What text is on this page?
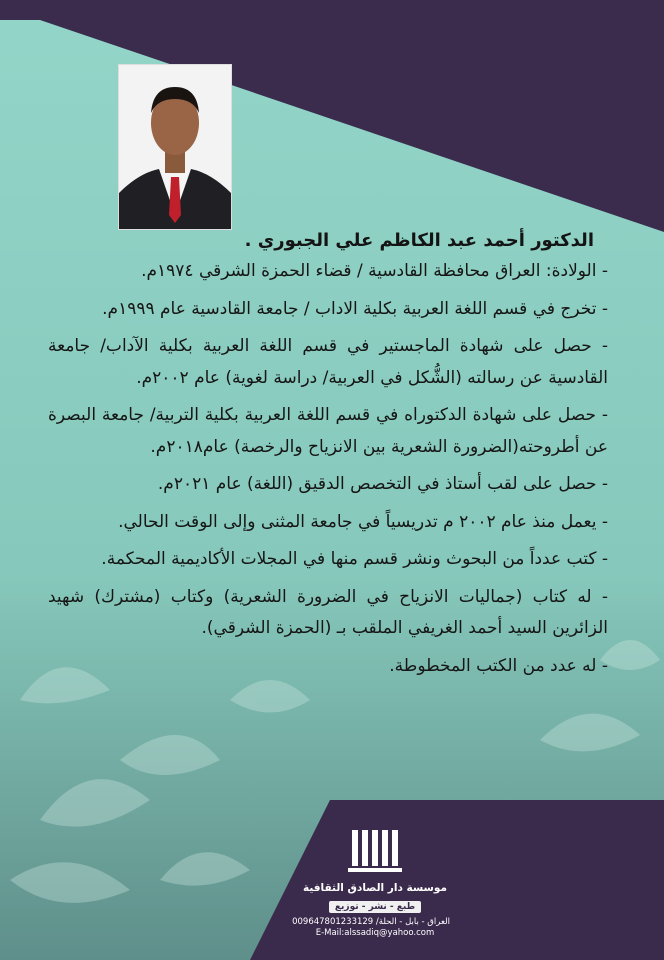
الدكتور أحمد عبد الكاظم علي الجبوري .
- الولادة: العراق محافظة القادسية / قضاء الحمزة الشرقي ١٩٧٤م.
- تخرج في قسم اللغة العربية بكلية الاداب / جامعة القادسية عام ١٩٩٩م.
- حصل على شهادة الماجستير في قسم اللغة العربية بكلية الآداب/ جامعة القادسية عن رسالته (الشُّكل في العربية/ دراسة لغوية) عام ٢٠٠٢م.
- حصل على شهادة الدكتوراه في قسم اللغة العربية بكلية التربية/ جامعة البصرة عن أطروحته(الضرورة الشعرية بين الانزياح والرخصة) عام٢٠١٨م.
- حصل على لقب أستاذ في التخصص الدقيق (اللغة) عام ٢٠٢١م.
- يعمل منذ عام ٢٠٠٢ م تدريسياً في جامعة المثنى وإلى الوقت الحالي.
- كتب عدداً من البحوث ونشر قسم منها في المجلات الأكاديمية المحكمة.
- له كتاب (جماليات الانزياح في الضرورة الشعرية) وكتاب (مشترك) شهيد الزائرين السيد أحمد الغريفي الملقب بـ (الحمزة الشرقي).
- له عدد من الكتب المخطوطة.
موسسة دار الصادق الثقافية
طبع - نشر - توزيع
العراق - بابل - الحلة/ 009647801233129
E-Mail:alssadiq@yahoo.com
